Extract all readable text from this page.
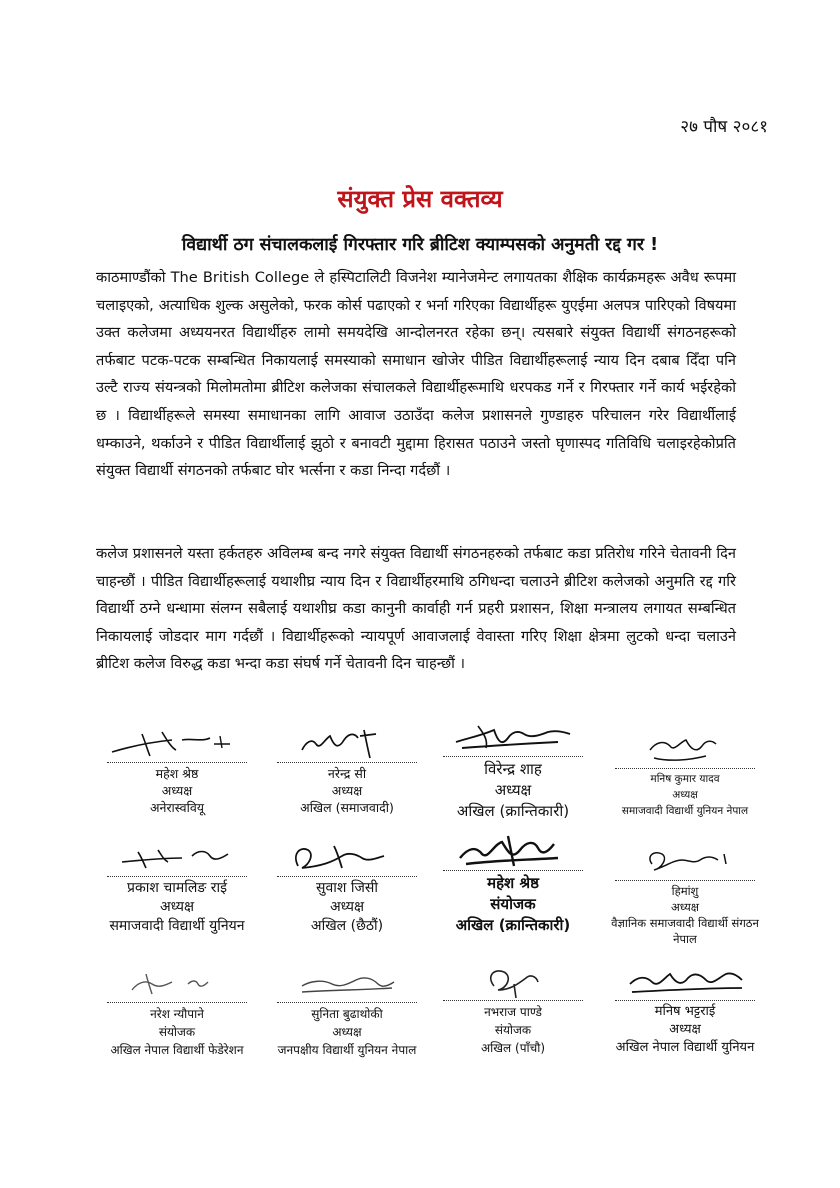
२७ पौष २०८१
संयुक्त प्रेस वक्तव्य
विद्यार्थी ठग संचालकलाई गिरफ्तार गरि ब्रीटिश क्याम्पसको अनुमती रद्द गर !

काठमाण्डौंको The British College ले हस्पिटालिटी विजनेश म्यानेजमेन्ट लगायतका शैक्षिक कार्यक्रमहरू अवैध रूपमा चलाइएको, अत्याधिक शुल्क असुलेको, फरक कोर्स पढाएको र भर्ना गरिएका विद्यार्थीहरू युएईमा अलपत्र पारिएको विषयमा उक्त कलेजमा अध्ययनरत विद्यार्थीहरु लामो समयदेखि आन्दोलनरत रहेका छन्। त्यसबारे संयुक्त विद्यार्थी संगठनहरूको तर्फबाट पटक-पटक सम्बन्धित निकायलाई समस्याको समाधान खोजेर पीडित विद्यार्थीहरूलाई न्याय दिन दबाब दिँदा पनि उल्टै राज्य संयन्त्रको मिलोमतोमा ब्रीटिश कलेजका संचालकले विद्यार्थीहरूमाथि धरपकड गर्ने र गिरफ्तार गर्ने कार्य भईरहेको छ । विद्यार्थीहरूले समस्या समाधानका लागि आवाज उठाउँदा कलेज प्रशासनले गुण्डाहरु परिचालन गरेर विद्यार्थीलाई धम्काउने, थर्काउने र पीडित विद्यार्थीलाई झुठो र बनावटी मुद्दामा हिरासत पठाउने जस्तो घृणास्पद गतिविधि चलाइरहेकोप्रति संयुक्त विद्यार्थी संगठनको तर्फबाट घोर भर्त्सना र कडा निन्दा गर्दछौं ।

कलेज प्रशासनले यस्ता हर्कतहरु अविलम्ब बन्द नगरे संयुक्त विद्यार्थी संगठनहरुको तर्फबाट कडा प्रतिरोध गरिने चेतावनी दिन चाहन्छौं । पीडित विद्यार्थीहरूलाई यथाशीघ्र न्याय दिन र विद्यार्थीहरमाथि ठगिधन्दा चलाउने ब्रीटिश कलेजको अनुमति रद्द गरि विद्यार्थी ठग्ने धन्धामा संलग्न सबैलाई यथाशीघ्र कडा कानुनी कार्वाही गर्न प्रहरी प्रशासन, शिक्षा मन्त्रालय लगायत सम्बन्धित निकायलाई जोडदार माग गर्दछौं । विद्यार्थीहरूको न्यायपूर्ण आवाजलाई वेवास्ता गरिए शिक्षा क्षेत्रमा लुटको धन्दा चलाउने ब्रीटिश कलेज विरुद्ध कडा भन्दा कडा संघर्ष गर्ने चेतावनी दिन चाहन्छौं ।

महेश श्रेष्ठ
अध्यक्ष
अनेरास्ववियू
नरेन्द्र सी
अध्यक्ष
अखिल (समाजवादी)
विरेन्द्र शाह
अध्यक्ष
अखिल (क्रान्तिकारी)
मनिष कुमार यादव
अध्यक्ष
समाजवादी विद्यार्थी युनियन नेपाल
प्रकाश चामलिङ राई
अध्यक्ष
समाजवादी विद्यार्थी युनियन
सुवाश जिसी
अध्यक्ष
अखिल (छैठौं)
महेश श्रेष्ठ
संयोजक
अखिल (क्रान्तिकारी)
हिमांशु
अध्यक्ष
वैज्ञानिक समाजवादी विद्यार्थी संगठन नेपाल
नरेश न्यौपाने
संयोजक
अखिल नेपाल विद्यार्थी फेडेरेशन
सुनिता बुढाथोकी
अध्यक्ष
जनपक्षीय विद्यार्थी युनियन नेपाल
नभराज पाण्डे
संयोजक
अखिल (पाँचौ)
मनिष भट्टराई
अध्यक्ष
अखिल नेपाल विद्यार्थी युनियन
